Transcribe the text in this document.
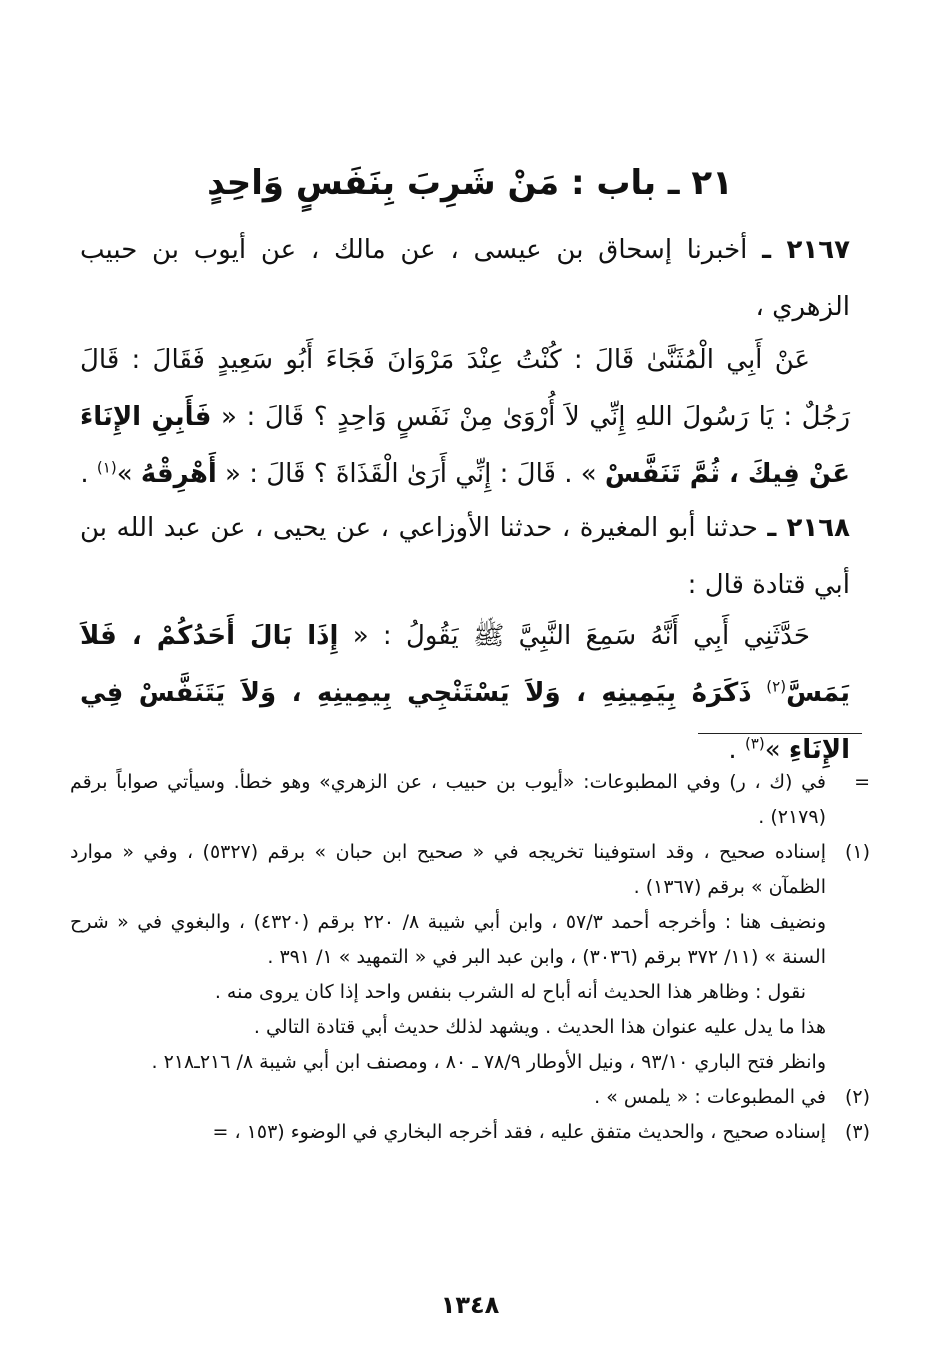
٢١ ـ باب : مَنْ شَرِبَ بِنَفَسٍ وَاحِدٍ

٢١٦٧ ـ أخبرنا إسحاق بن عيسى ، عن مالك ، عن أيوب بن حبيب الزهري ،

عَنْ أَبِي الْمُثَنَّىٰ قَالَ : كُنْتُ عِنْدَ مَرْوَانَ فَجَاءَ أَبُو سَعِيدٍ فَقَالَ : قَالَ رَجُلٌ : يَا رَسُولَ اللهِ إِنِّي لاَ أُرْوَىٰ مِنْ نَفَسٍ وَاحِدٍ ؟ قَالَ : « فَأَبِنِ الإِنَاءَ عَنْ فِيكَ ، ثُمَّ تَنَفَّسْ » . قَالَ : إِنِّي أَرَىٰ الْقَذَاةَ ؟ قَالَ : « أَهْرِقْهُ »$^{(١)}$ .

٢١٦٨ ـ حدثنا أبو المغيرة ، حدثنا الأوزاعي ، عن يحيى ، عن عبد الله بن أبي قتادة قال :

حَدَّثَنِي أَبِي أَنَّهُ سَمِعَ النَّبِيَّ ﷺ يَقُولُ : « إِذَا بَالَ أَحَدُكُمْ ، فَلاَ يَمَسَّ$^{(٢)}$ ذَكَرَهُ بِيَمِينِهِ ، وَلاَ يَسْتَنْجِي بِيمِينِهِ ، وَلاَ يَتَنَفَّسْ فِي الإِنَاءِ »$^{(٣)}$ .

=
في (ك ، ر) وفي المطبوعات: «أيوب بن حبيب ، عن الزهري» وهو خطأ. وسيأتي صواباً برقم (٢١٧٩) .
(١)
إسناده صحيح ، وقد استوفينا تخريجه في « صحيح ابن حبان » برقم (٥٣٢٧) ، وفي « موارد الظمآن » برقم (١٣٦٧) .
ونضيف هنا : وأخرجه أحمد ٥٧/٣ ، وابن أبي شيبة ٨/ ٢٢٠ برقم (٤٣٢٠) ، والبغوي في « شرح السنة » (١١/ ٣٧٢ برقم (٣٠٣٦) ، وابن عبد البر في « التمهيد » ١/ ٣٩١ .
نقول : وظاهر هذا الحديث أنه أباح له الشرب بنفس واحد إذا كان يروى منه .
هذا ما يدل عليه عنوان هذا الحديث . ويشهد لذلك حديث أبي قتادة التالي .
وانظر فتح الباري ٩٣/١٠ ، ونيل الأوطار ٧٨/٩ ـ ٨٠ ، ومصنف ابن أبي شيبة ٨/ ٢١٦ـ٢١٨ .
(٢)
في المطبوعات : « يلمس » .
(٣)
إسناده صحيح ، والحديث متفق عليه ، فقد أخرجه البخاري في الوضوء (١٥٣ ، =
١٣٤٨
